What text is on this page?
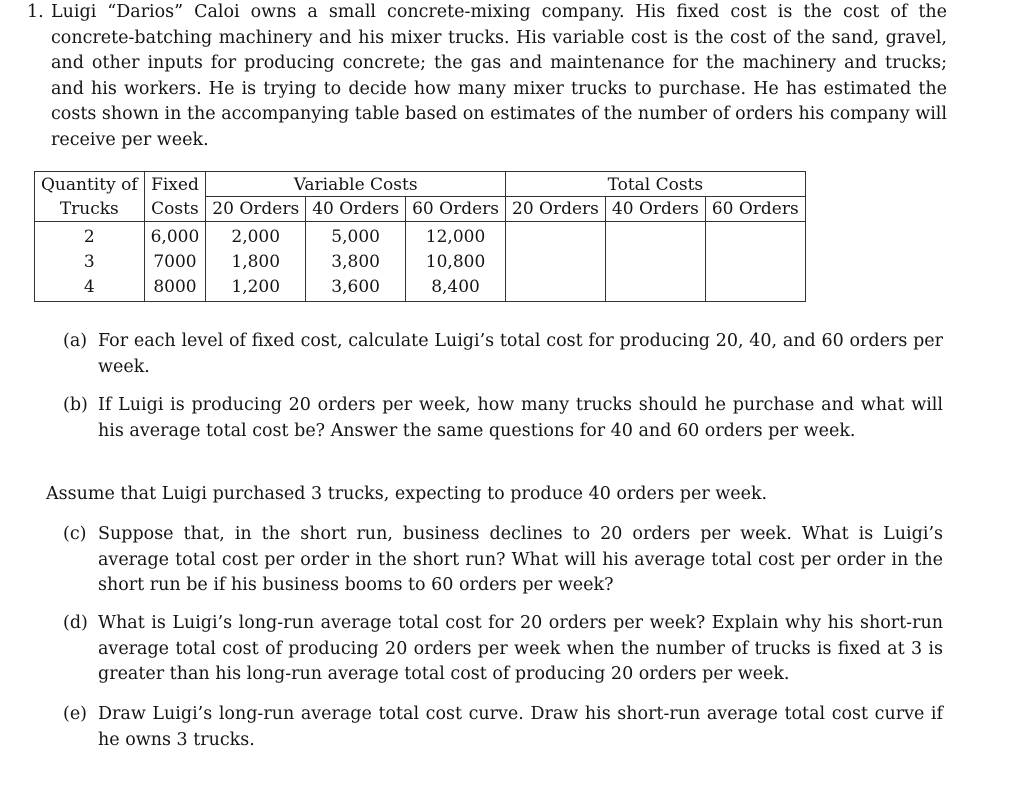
1. Luigi “Darios” Caloi owns a small concrete-mixing company. His fixed cost is the cost of the concrete-batching machinery and his mixer trucks. His variable cost is the cost of the sand, gravel, and other inputs for producing concrete; the gas and maintenance for the machinery and trucks; and his workers. He is trying to decide how many mixer trucks to purchase. He has estimated the costs shown in the accompanying table based on estimates of the number of orders his company will receive per week.
Quantity of	Fixed	Variable Costs			Total Costs		
Trucks	Costs	20 Orders	40 Orders	60 Orders	20 Orders	40 Orders	60 Orders
2	6,000	2,000	5,000	12,000			
3	7000	1,800	3,800	10,800			
4	8000	1,200	3,600	8,400			
(a) For each level of fixed cost, calculate Luigi’s total cost for producing 20, 40, and 60 orders per week.
(b) If Luigi is producing 20 orders per week, how many trucks should he purchase and what will his average total cost be? Answer the same questions for 40 and 60 orders per week.
Assume that Luigi purchased 3 trucks, expecting to produce 40 orders per week.
(c) Suppose that, in the short run, business declines to 20 orders per week. What is Luigi’s average total cost per order in the short run? What will his average total cost per order in the short run be if his business booms to 60 orders per week?
(d) What is Luigi’s long-run average total cost for 20 orders per week? Explain why his short-run average total cost of producing 20 orders per week when the number of trucks is fixed at 3 is greater than his long-run average total cost of producing 20 orders per week.
(e) Draw Luigi’s long-run average total cost curve. Draw his short-run average total cost curve if he owns 3 trucks.
